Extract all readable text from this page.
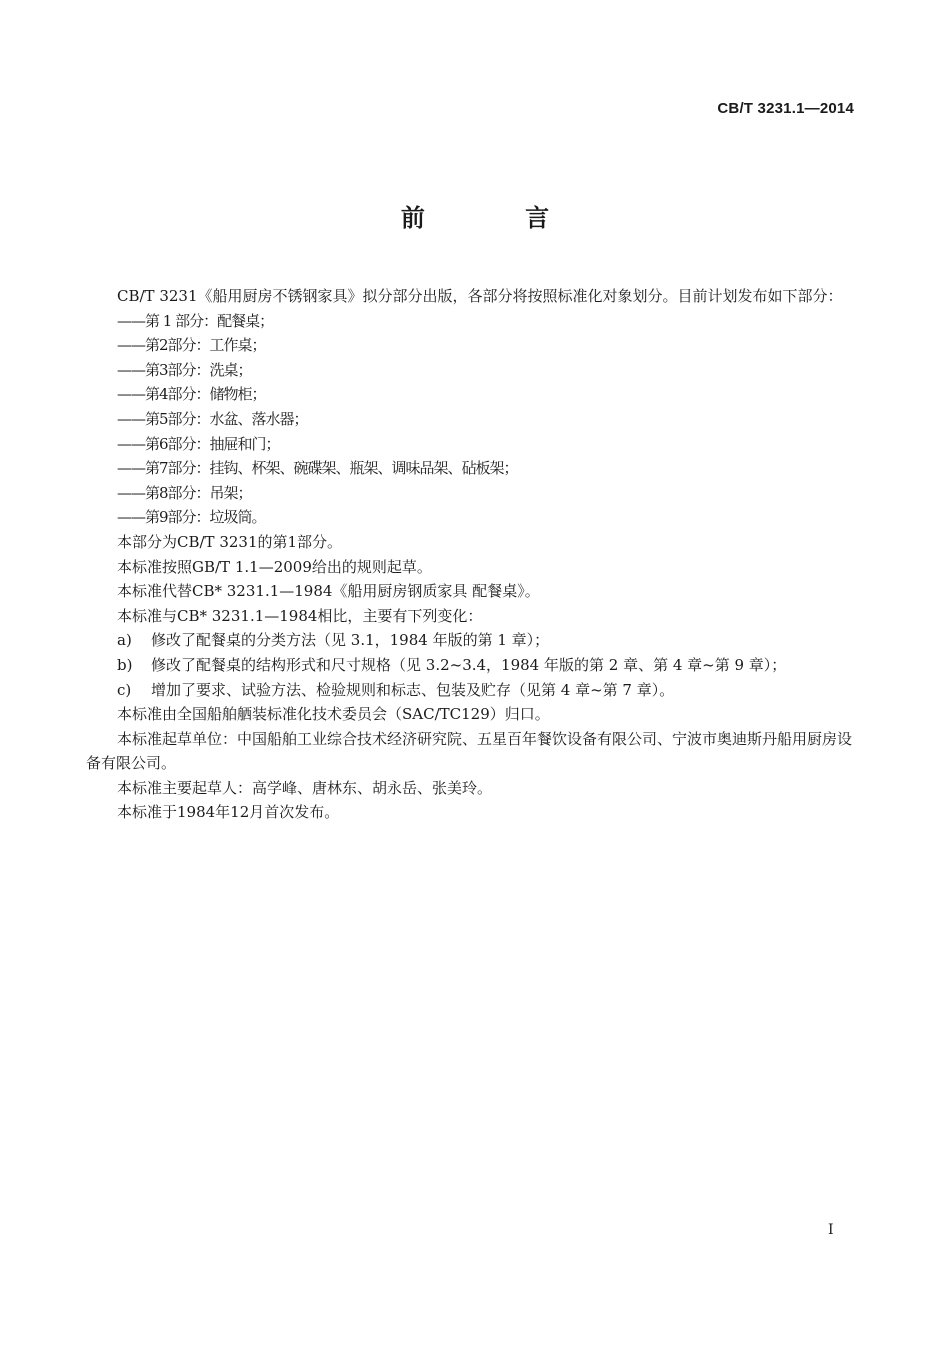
CB/T 3231.1—2014
前 言

CB/T 3231《船用厨房不锈钢家具》拟分部分出版，各部分将按照标准化对象划分。目前计划发布如下部分：

——第 1 部分：配餐桌；

——第2部分：工作桌；

——第3部分：洗桌；

——第4部分：储物柜；

——第5部分：水盆、落水器；

——第6部分：抽屉和门；

——第7部分：挂钩、杯架、碗碟架、瓶架、调味品架、砧板架；

——第8部分：吊架；

——第9部分：垃圾筒。

本部分为CB/T 3231的第1部分。

本标准按照GB/T 1.1—2009给出的规则起草。

本标准代替CB* 3231.1—1984《船用厨房钢质家具 配餐桌》。

本标准与CB* 3231.1—1984相比，主要有下列变化：

a) 修改了配餐桌的分类方法（见 3.1，1984 年版的第 1 章）；

b) 修改了配餐桌的结构形式和尺寸规格（见 3.2~3.4，1984 年版的第 2 章、第 4 章~第 9 章）；

c) 增加了要求、试验方法、检验规则和标志、包装及贮存（见第 4 章~第 7 章）。

本标准由全国船舶舾装标准化技术委员会（SAC/TC129）归口。

本标准起草单位：中国船舶工业综合技术经济研究院、五星百年餐饮设备有限公司、宁波市奥迪斯丹船用厨房设备有限公司。

本标准主要起草人：高学峰、唐林东、胡永岳、张美玲。

本标准于1984年12月首次发布。

I
